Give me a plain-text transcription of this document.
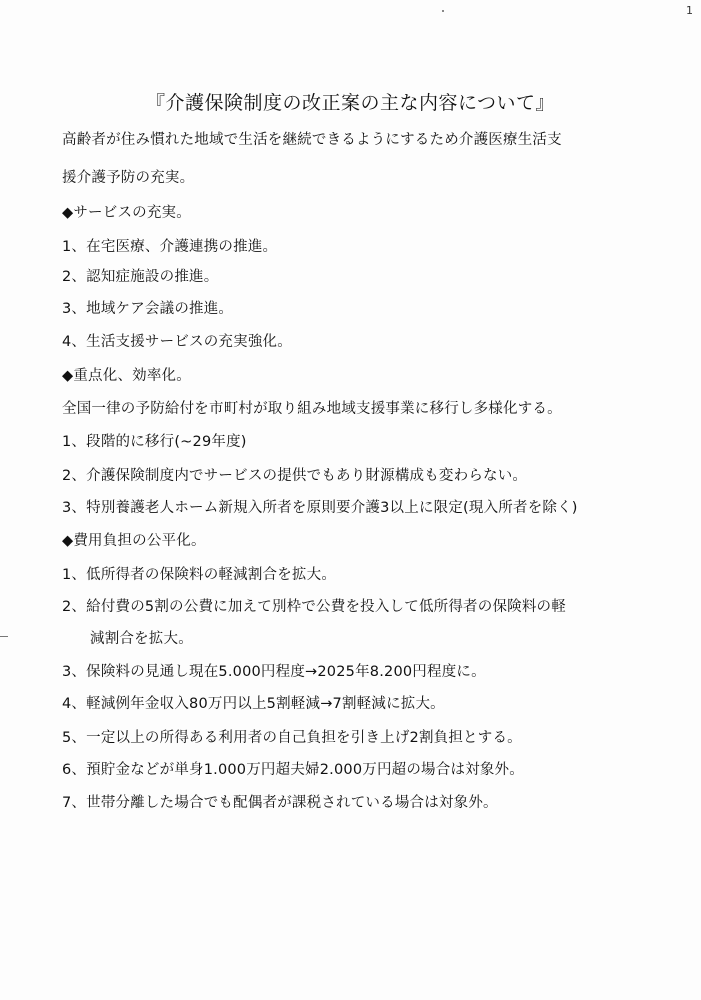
1
『介護保険制度の改正案の主な内容について』
高齢者が住み慣れた地域で生活を継続できるようにするため介護医療生活支
援介護予防の充実。
◆サービスの充実。
1、在宅医療、介護連携の推進。
2、認知症施設の推進。
3、地域ケア会議の推進。
4、生活支援サービスの充実強化。
◆重点化、効率化。
全国一律の予防給付を市町村が取り組み地域支援事業に移行し多様化する。
1、段階的に移行(~29年度)
2、介護保険制度内でサービスの提供でもあり財源構成も変わらない。
3、特別養護老人ホーム新規入所者を原則要介護3以上に限定(現入所者を除く)
◆費用負担の公平化。
1、低所得者の保険料の軽減割合を拡大。
2、給付費の5割の公費に加えて別枠で公費を投入して低所得者の保険料の軽
減割合を拡大。
3、保険料の見通し現在5.000円程度→2025年8.200円程度に。
4、軽減例年金収入80万円以上5割軽減→7割軽減に拡大。
5、一定以上の所得ある利用者の自己負担を引き上げ2割負担とする。
6、預貯金などが単身1.000万円超夫婦2.000万円超の場合は対象外。
7、世帯分離した場合でも配偶者が課税されている場合は対象外。
